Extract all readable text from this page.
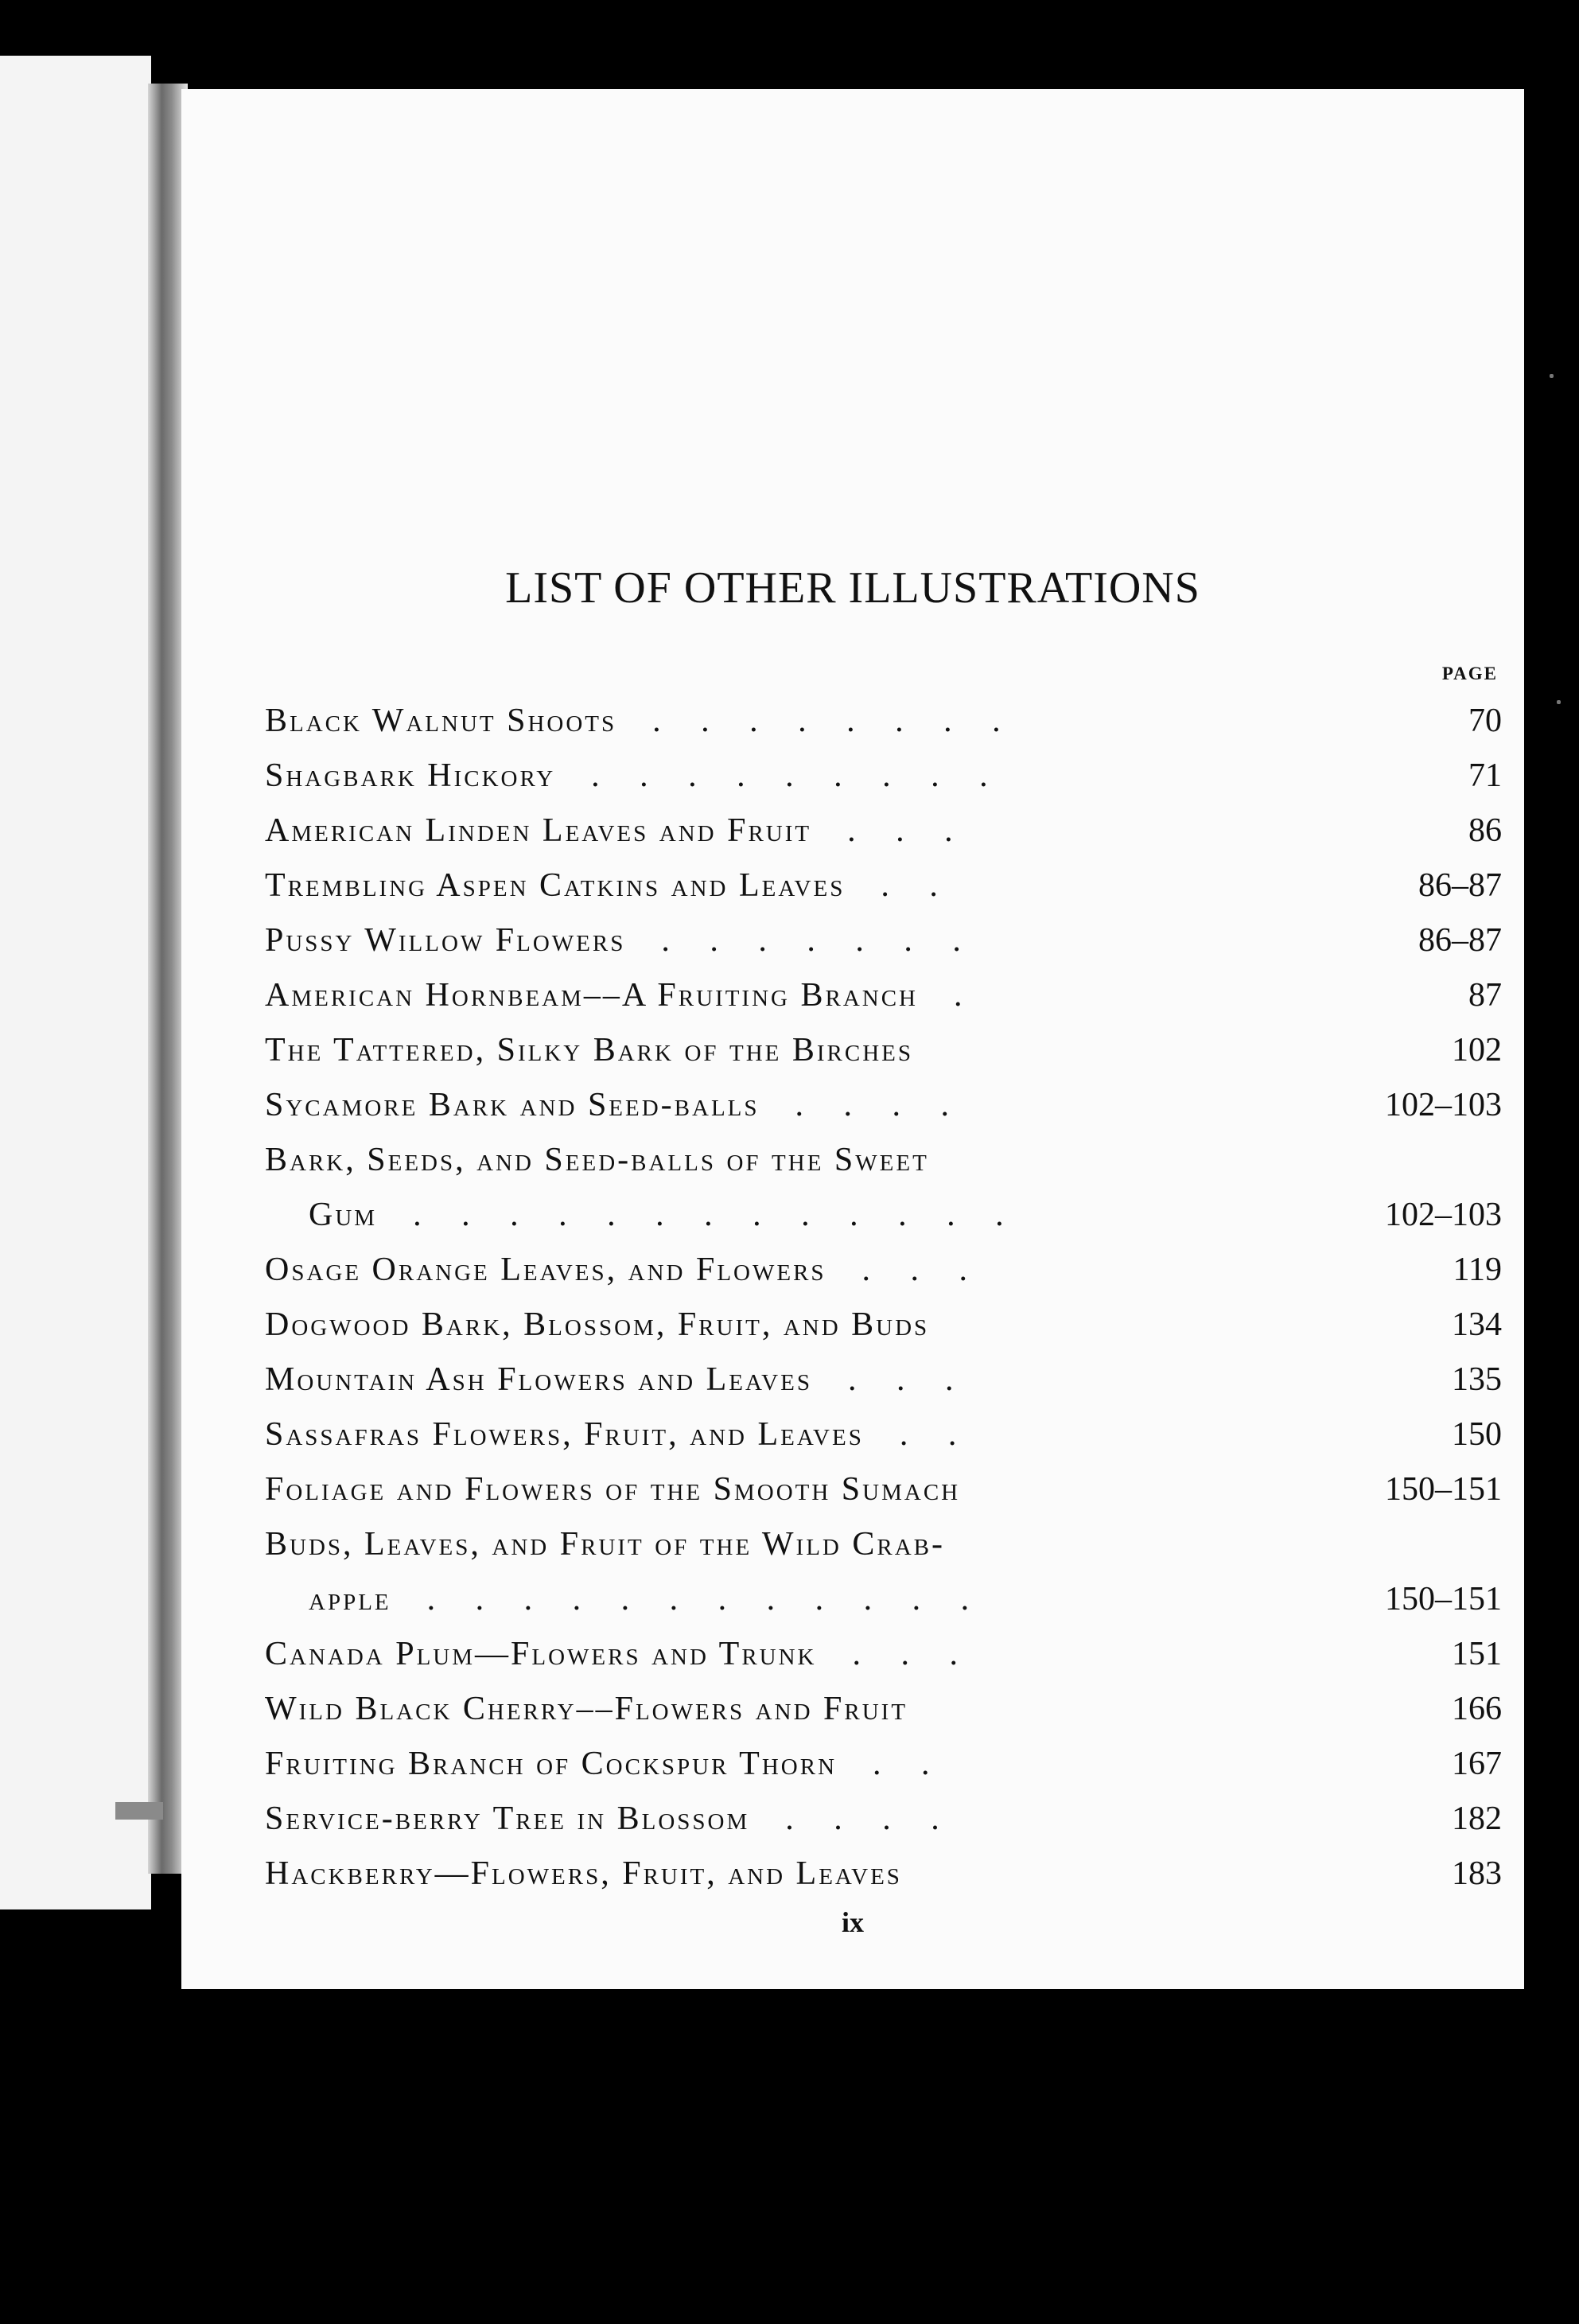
LIST OF OTHER ILLUSTRATIONS
PAGE
Black Walnut Shoots  . . . . . . . .	70
Shagbark Hickory  . . . . . . . . .	71
American Linden Leaves and Fruit  . . .	86
Trembling Aspen Catkins and Leaves  . .	86–87
Pussy Willow Flowers  . . . . . . .	86–87
American Hornbeam––A Fruiting Branch  .	87
The Tattered, Silky Bark of the Birches	102
Sycamore Bark and Seed-balls  . . . .	102–103
Bark, Seeds, and Seed-balls of the Sweet
Gum  . . . . . . . . . . . . .	102–103
Osage Orange Leaves, and Flowers  . . .	119
Dogwood Bark, Blossom, Fruit, and Buds	134
Mountain Ash Flowers and Leaves  . . .	135
Sassafras Flowers, Fruit, and Leaves  . .	150
Foliage and Flowers of the Smooth Sumach	150–151
Buds, Leaves, and Fruit of the Wild Crab-
apple  . . . . . . . . . . . .	150–151
Canada Plum—Flowers and Trunk  . . .	151
Wild Black Cherry––Flowers and Fruit	166
Fruiting Branch of Cockspur Thorn  . .	167
Service-berry Tree in Blossom  . . . .	182
Hackberry—Flowers, Fruit, and Leaves	183
ix
